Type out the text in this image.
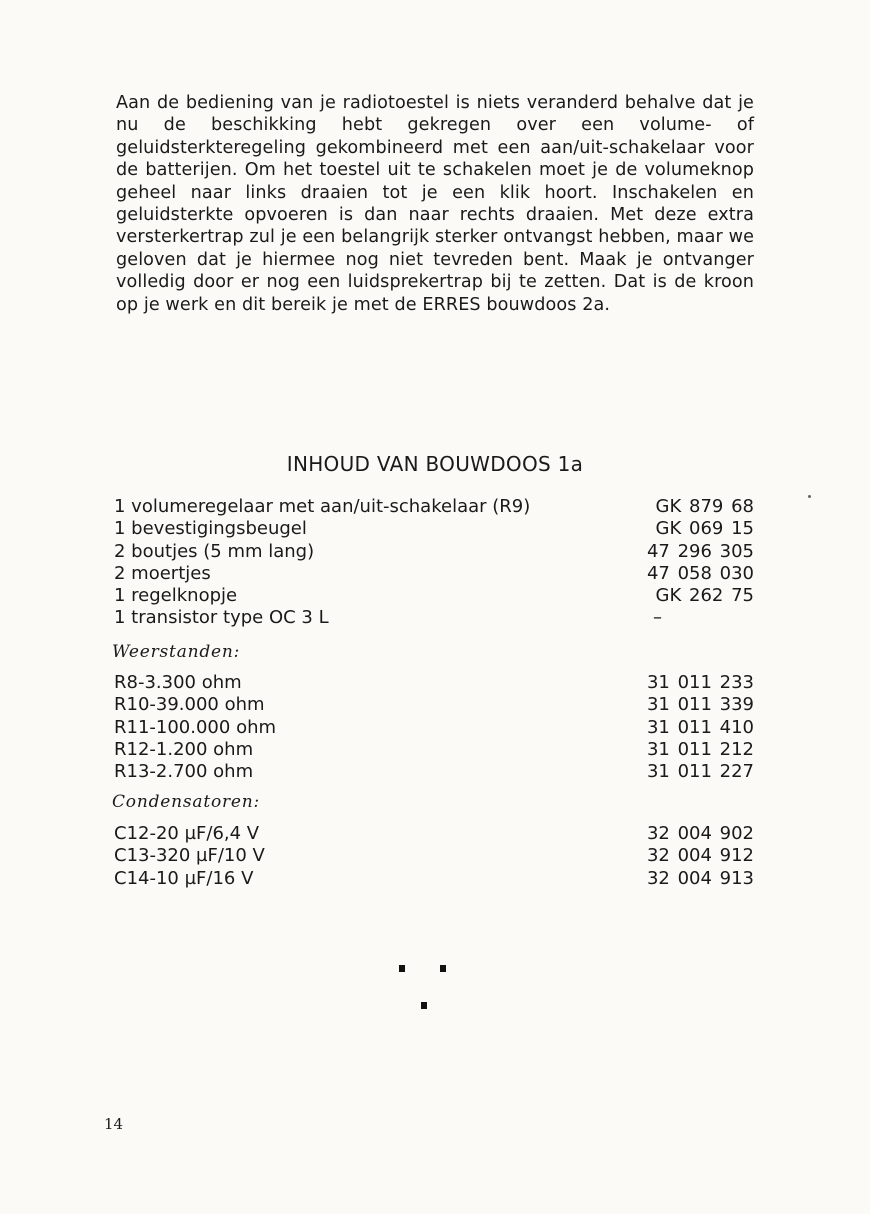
Aan de bediening van je radiotoestel is niets veranderd behalve dat je nu de beschikking hebt gekregen over een volume- of geluidsterkteregeling gekombineerd met een aan/uit-schakelaar voor de batterijen. Om het toestel uit te schakelen moet je de volumeknop geheel naar links draaien tot je een klik hoort. Inschakelen en geluidsterkte opvoeren is dan naar rechts draaien. Met deze extra versterkertrap zul je een belangrijk sterker ontvangst hebben, maar we geloven dat je hiermee nog niet tevreden bent. Maak je ontvanger volledig door er nog een luidsprekertrap bij te zetten. Dat is de kroon op je werk en dit bereik je met de ERRES bouwdoos 2a.

INHOUD VAN BOUWDOOS 1a
1 volumeregelaar met aan/uit-schakelaar (R9)	GK 879 68
1 bevestigingsbeugel	GK 069 15
2 boutjes (5 mm lang)	47 296 305
2 moertjes	47 058 030
1 regelknopje	GK 262 75
1 transistor type OC 3 L	–
Weerstanden:
R8-3.300 ohm	31 011 233
R10-39.000 ohm	31 011 339
R11-100.000 ohm	31 011 410
R12-1.200 ohm	31 011 212
R13-2.700 ohm	31 011 227
Condensatoren:
C12-20 µF/6,4 V	32 004 902
C13-320 µF/10 V	32 004 912
C14-10 µF/16 V	32 004 913
14
